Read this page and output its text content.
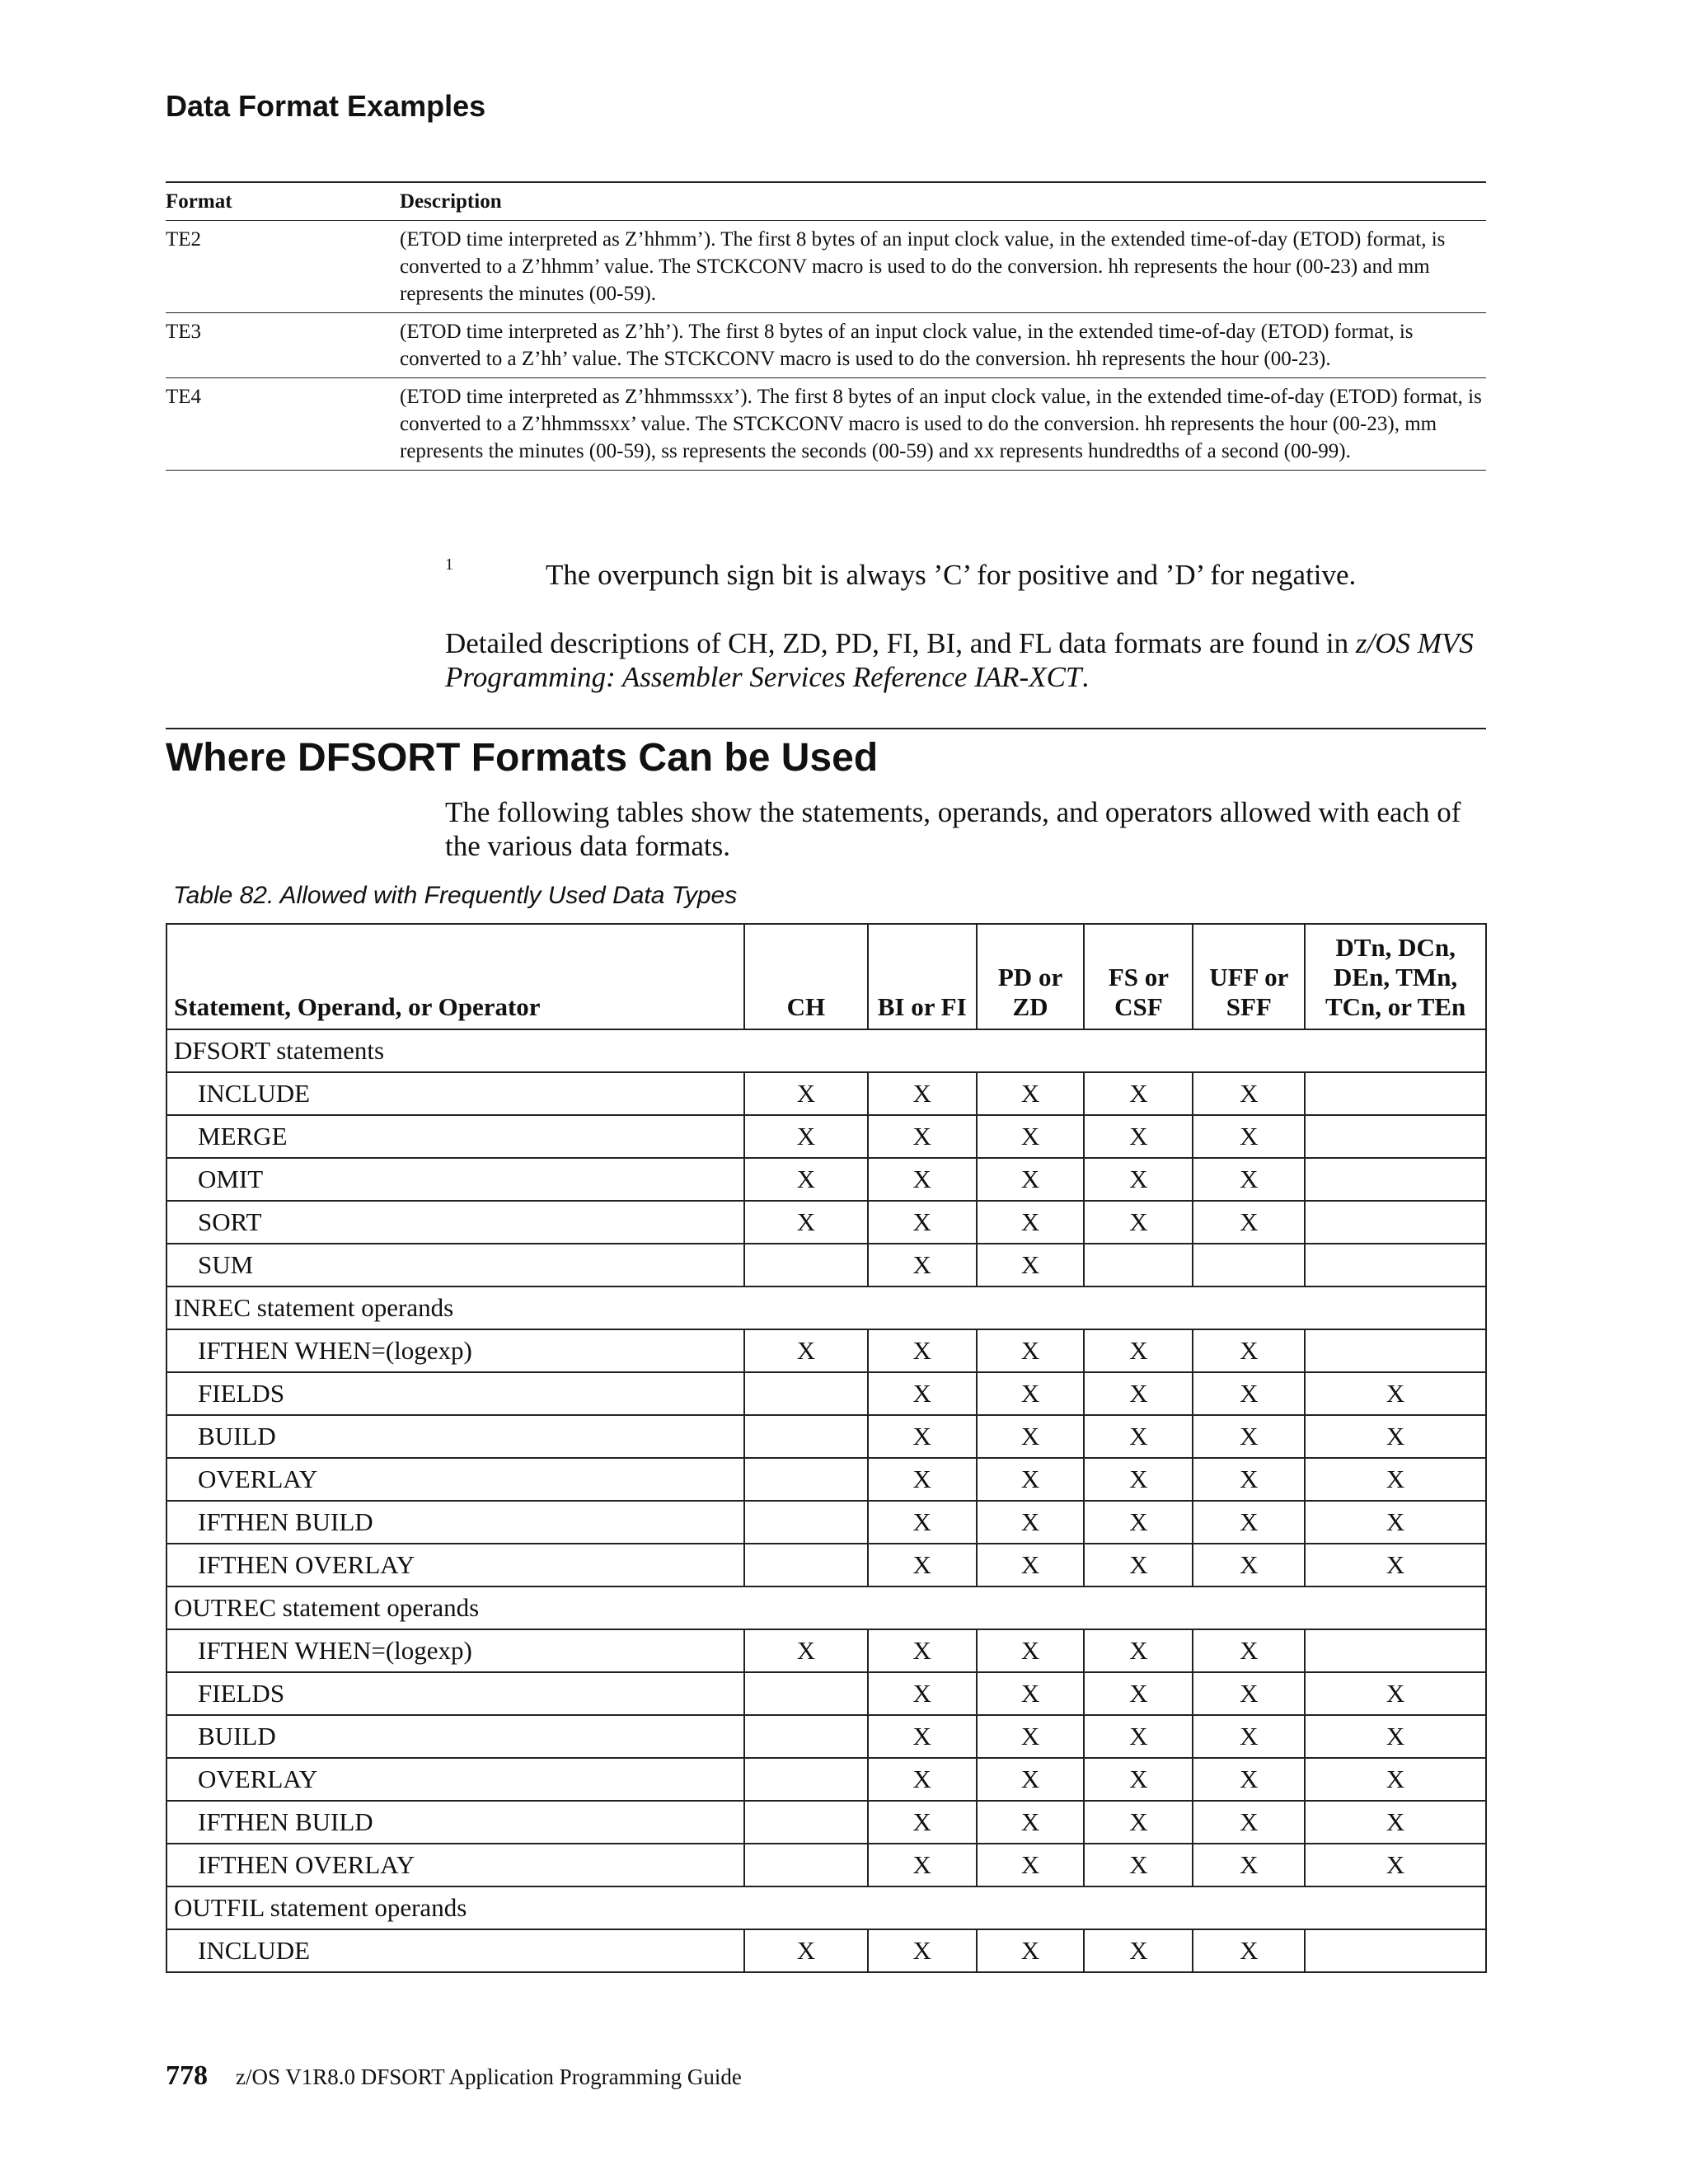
Data Format Examples
Format	Description
TE2	(ETOD time interpreted as Z’hhmm’). The first 8 bytes of an input clock value, in the extended time-of-day (ETOD) format, is converted to a Z’hhmm’ value. The STCKCONV macro is used to do the conversion. hh represents the hour (00-23) and mm represents the minutes (00-59).
TE3	(ETOD time interpreted as Z’hh’). The first 8 bytes of an input clock value, in the extended time-of-day (ETOD) format, is converted to a Z’hh’ value. The STCKCONV macro is used to do the conversion. hh represents the hour (00-23).
TE4	(ETOD time interpreted as Z’hhmmssxx’). The first 8 bytes of an input clock value, in the extended time-of-day (ETOD) format, is converted to a Z’hhmmssxx’ value. The STCKCONV macro is used to do the conversion. hh represents the hour (00-23), mm represents the minutes (00-59), ss represents the seconds (00-59) and xx represents hundredths of a second (00-99).
1	The overpunch sign bit is always ’C’ for positive and ’D’ for negative.

Detailed descriptions of CH, ZD, PD, FI, BI, and FL data formats are found in z/OS MVS Programming: Assembler Services Reference IAR-XCT.

Where DFSORT Formats Can be Used

The following tables show the statements, operands, and operators allowed with each of the various data formats.

Table 82. Allowed with Frequently Used Data Types
Statement, Operand, or Operator	CH	BI or FI	PD or ZD	FS or CSF	UFF or SFF	DTn, DCn, DEn, TMn, TCn, or TEn
DFSORT statements						
INCLUDE	X	X	X	X	X	
MERGE	X	X	X	X	X	
OMIT	X	X	X	X	X	
SORT	X	X	X	X	X	
SUM		X	X			
INREC statement operands						
IFTHEN WHEN=(logexp)	X	X	X	X	X	
FIELDS		X	X	X	X	X
BUILD		X	X	X	X	X
OVERLAY		X	X	X	X	X
IFTHEN BUILD		X	X	X	X	X
IFTHEN OVERLAY		X	X	X	X	X
OUTREC statement operands						
IFTHEN WHEN=(logexp)	X	X	X	X	X	
FIELDS		X	X	X	X	X
BUILD		X	X	X	X	X
OVERLAY		X	X	X	X	X
IFTHEN BUILD		X	X	X	X	X
IFTHEN OVERLAY		X	X	X	X	X
OUTFIL statement operands						
INCLUDE	X	X	X	X	X	
778 z/OS V1R8.0 DFSORT Application Programming Guide
